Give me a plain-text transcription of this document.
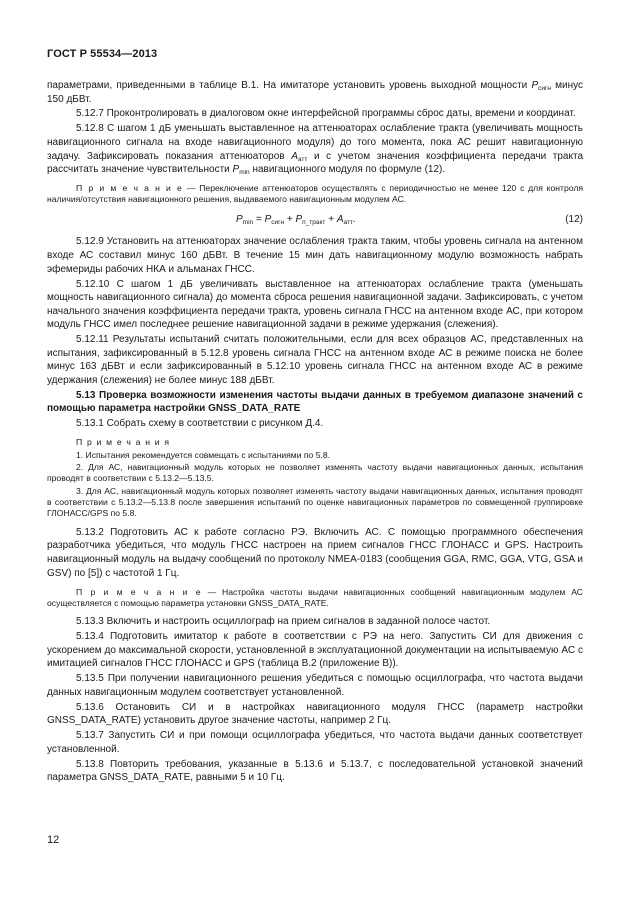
ГОСТ Р 55534—2013

параметрами, приведенными в таблице В.1. На имитаторе установить уровень выходной мощности $P_{сигн}$ минус 150 дБВт.

5.12.7 Проконтролировать в диалоговом окне интерфейсной программы сброс даты, времени и координат.

5.12.8 С шагом 1 дБ уменьшать выставленное на аттенюаторах ослабление тракта (увеличивать мощность навигационного сигнала на входе навигационного модуля) до того момента, пока АС решит навигационную задачу. Зафиксировать показания аттенюаторов $A_{атт}$ и с учетом значения коэффициента передачи тракта рассчитать значение чувствительности $P_{min}$ навигационного модуля по формуле (12).

П р и м е ч а н и е — Переключение аттенюаторов осуществлять с периодичностью не менее 120 с для контроля наличия/отсутствия навигационного решения, выдаваемого навигационным модулем АС.

$P_{min} = P_{сигн} + P_{п\_тракт} + A_{атт}$.	(12)

5.12.9 Установить на аттенюаторах значение ослабления тракта таким, чтобы уровень сигнала на антенном входе АС составил минус 160 дБВт. В течение 15 мин дать навигационному модулю возможность набрать эфемериды рабочих НКА и альманах ГНСС.

5.12.10 С шагом 1 дБ увеличивать выставленное на аттенюаторах ослабление тракта (уменьшать мощность навигационного сигнала) до момента сброса решения навигационной задачи. Зафиксировать, с учетом начального значения коэффициента передачи тракта, уровень сигнала ГНСС на антенном входе АС, при котором модуль ГНСС имел последнее решение навигационной задачи в режиме удержания (слежения).

5.12.11 Результаты испытаний считать положительными, если для всех образцов АС, представленных на испытания, зафиксированный в 5.12.8 уровень сигнала ГНСС на антенном входе АС в режиме поиска не более минус 163 дБВт и если зафиксированный в 5.12.10 уровень сигнала ГНСС на антенном входе АС в режиме удержания (слежения) не более минус 188 дБВт.

5.13 Проверка возможности изменения частоты выдачи данных в требуемом диапазоне значений с помощью параметра настройки GNSS_DATA_RATE

5.13.1 Собрать схему в соответствии с рисунком Д.4.

П р и м е ч а н и я

1. Испытания рекомендуется совмещать с испытаниями по 5.8.

2. Для АС, навигационный модуль которых не позволяет изменять частоту выдачи навигационных данных, испытания проводят в соответствии с 5.13.2—5.13.5.

3. Для АС, навигационный модуль которых позволяет изменять частоту выдачи навигационных данных, испытания проводят в соответствии с 5.13.2—5.13.8 после завершения испытаний по оценке навигационных параметров по совмещенной группировке ГЛОНАСС/GPS по 5.8.

5.13.2 Подготовить АС к работе согласно РЭ. Включить АС. С помощью программного обеспечения разработчика убедиться, что модуль ГНСС настроен на прием сигналов ГНСС ГЛОНАСС и GPS. Настроить навигационный модуль на выдачу сообщений по протоколу NMEA-0183 (сообщения GGA, RMC, GGA, VTG, GSA и GSV) по [5]) с частотой 1 Гц.

П р и м е ч а н и е — Настройка частоты выдачи навигационных сообщений навигационным модулем АС осуществляется с помощью параметра установки GNSS_DATA_RATE.

5.13.3 Включить и настроить осциллограф на прием сигналов в заданной полосе частот.

5.13.4 Подготовить имитатор к работе в соответствии с РЭ на него. Запустить СИ для движения с ускорением до максимальной скорости, установленной в эксплуатационной документации на испытываемую АС с имитацией сигналов ГНСС ГЛОНАСС и GPS (таблица В.2 (приложение В)).

5.13.5 При получении навигационного решения убедиться с помощью осциллографа, что частота выдачи данных навигационным модулем соответствует установленной.

5.13.6 Остановить СИ и в настройках навигационного модуля ГНСС (параметр настройки GNSS_DATA_RATE) установить другое значение частоты, например 2 Гц.

5.13.7 Запустить СИ и при помощи осциллографа убедиться, что частота выдачи данных соответствует установленной.

5.13.8 Повторить требования, указанные в 5.13.6 и 5.13.7, с последовательной установкой значений параметра GNSS_DATA_RATE, равными 5 и 10 Гц.

12
